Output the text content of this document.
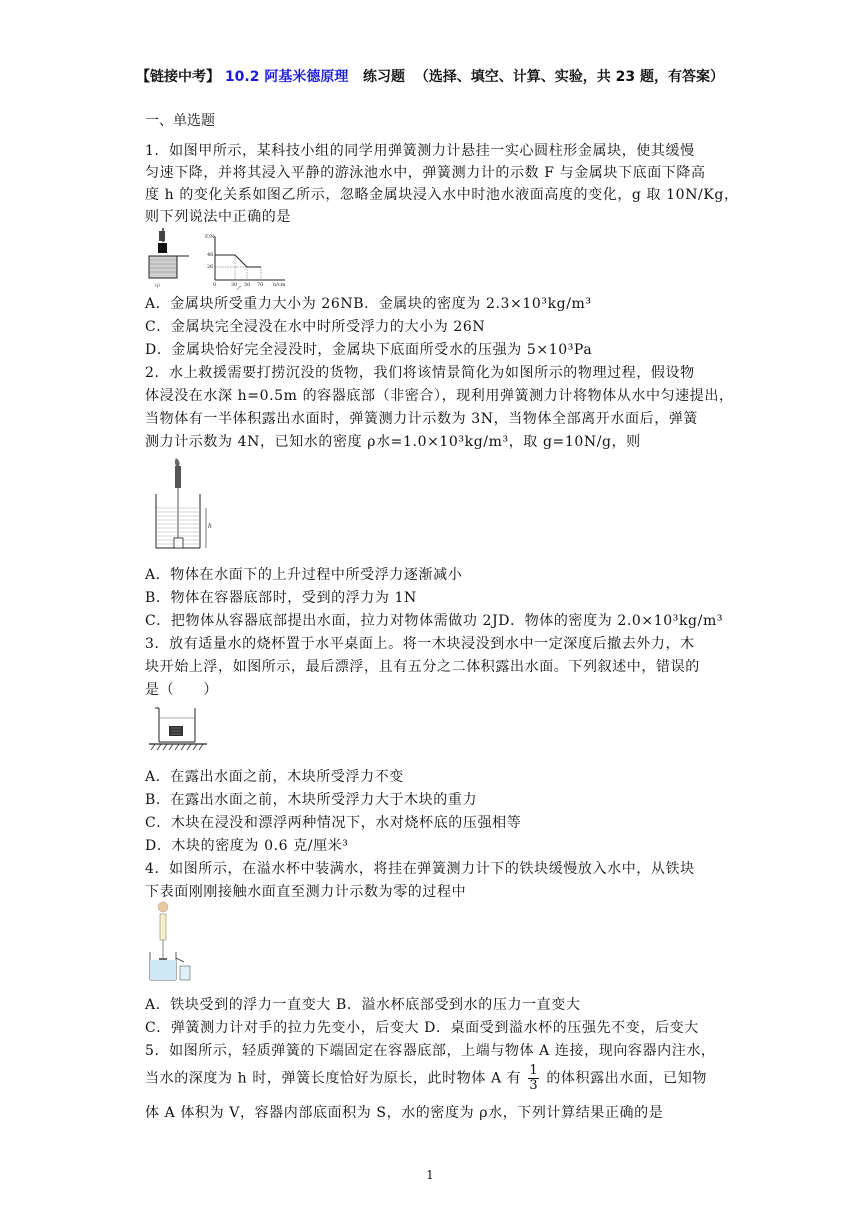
【链接中考】 10.2 阿基米德原理 练习题 （选择、填空、计算、实验，共 23 题，有答案）
一、单选题
1．如图甲所示，某科技小组的同学用弹簧测力计悬挂一实心圆柱形金属块，使其缓慢
匀速下降，并将其浸入平静的游泳池水中，弹簧测力计的示数 F 与金属块下底面下降高
度 h 的变化关系如图乙所示，忽略金属块浸入水中时池水液面高度的变化，g 取 10N/Kg，
则下列说法中正确的是
甲
F/N
46
26
0	30 50 70 h/cm
乙
A．金属块所受重力大小为 26NB．金属块的密度为 2.3×10³kg/m³
C．金属块完全浸没在水中时所受浮力的大小为 26N
D．金属块恰好完全浸没时，金属块下底面所受水的压强为 5×10³Pa
2．水上救援需要打捞沉没的货物，我们将该情景简化为如图所示的物理过程，假设物
体浸没在水深 h=0.5m 的容器底部（非密合），现利用弹簧测力计将物体从水中匀速提出，
当物体有一半体积露出水面时，弹簧测力计示数为 3N，当物体全部离开水面后，弹簧
测力计示数为 4N，已知水的密度 ρ水=1.0×10³kg/m³，取 g=10N/g，则
h
A．物体在水面下的上升过程中所受浮力逐渐减小
B．物体在容器底部时，受到的浮力为 1N
C．把物体从容器底部提出水面，拉力对物体需做功 2JD．物体的密度为 2.0×10³kg/m³
3．放有适量水的烧杯置于水平桌面上。将一木块浸没到水中一定深度后撤去外力，木
块开始上浮，如图所示，最后漂浮，且有五分之二体积露出水面。下列叙述中，错误的
是（　　）
A．在露出水面之前，木块所受浮力不变
B．在露出水面之前，木块所受浮力大于木块的重力
C．木块在浸没和漂浮两种情况下，水对烧杯底的压强相等
D．木块的密度为 0.6 克/厘米³
4．如图所示，在溢水杯中装满水，将挂在弹簧测力计下的铁块缓慢放入水中，从铁块
下表面刚刚接触水面直至测力计示数为零的过程中
A．铁块受到的浮力一直变大 B．溢水杯底部受到水的压力一直变大
C．弹簧测力计对手的拉力先变小，后变大 D．桌面受到溢水杯的压强先不变，后变大
5．如图所示，轻质弹簧的下端固定在容器底部，上端与物体 A 连接，现向容器内注水，
当水的深度为 h 时，弹簧长度恰好为原长，此时物体 A 有 $\frac{1}{3}$ 的体积露出水面，已知物
体 A 体积为 V，容器内部底面积为 S，水的密度为 ρ水，下列计算结果正确的是
1
